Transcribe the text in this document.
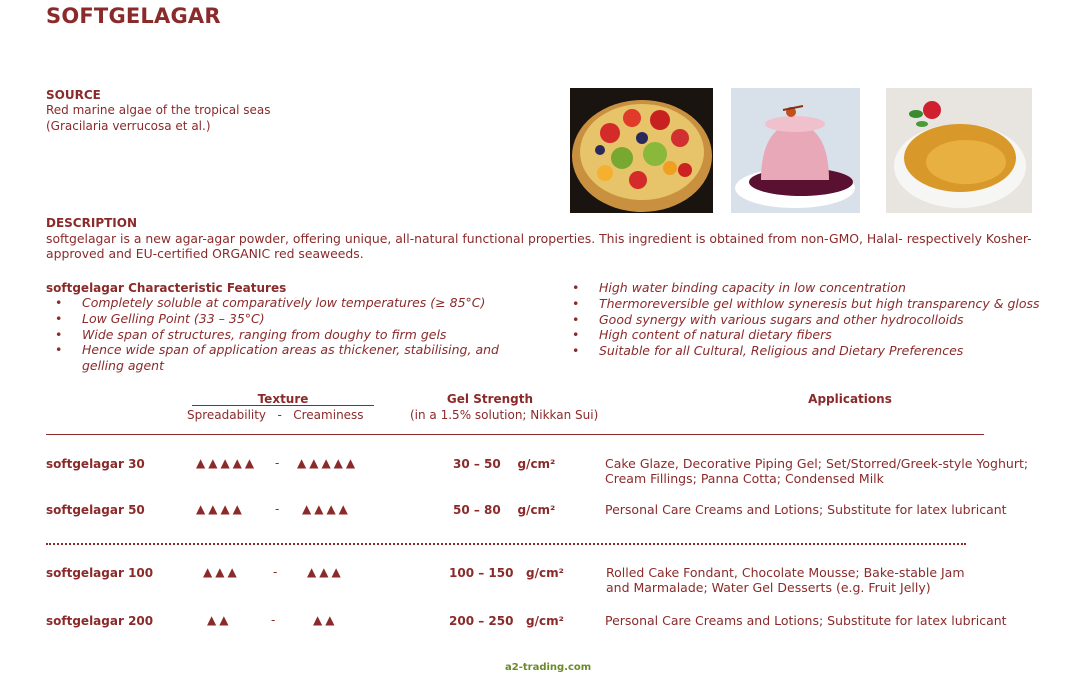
SOFTGELAGAR
SOURCE
Red marine algae of the tropical seas
(Gracilaria verrucosa et al.)
DESCRIPTION
softgelagar is a new agar-agar powder, offering unique, all-natural functional properties. This ingredient is obtained from non-GMO, Halal- respectively Kosher-
approved and EU-certified ORGANIC red seaweeds.
softgelagar Characteristic Features
• Completely soluble at comparatively low temperatures (≥ 85°C)
• Low Gelling Point (33 – 35°C)
• Wide span of structures, ranging from doughy to firm gels
• Hence wide span of application areas as thickener, stabilising, and gelling agent
• High water binding capacity in low concentration
• Thermoreversible gel withlow syneresis but high transparency & gloss
• Good synergy with various sugars and other hydrocolloids
• High content of natural dietary fibers
• Suitable for all Cultural, Religious and Dietary Preferences
Texture
Spreadability   -   Creaminess
Gel Strength
(in a 1.5% solution; Nikkan Sui)
Applications
softgelagar 30	▲▲▲▲▲ - ▲▲▲▲▲	30 – 50    g/cm²	Cake Glaze, Decorative Piping Gel; Set/Storred/Greek-style Yoghurt;
Cream Fillings; Panna Cotta; Condensed Milk
softgelagar 50	▲▲▲▲	- ▲▲▲▲	50 – 80    g/cm²	Personal Care Creams and Lotions; Substitute for latex lubricant
softgelagar 100	▲▲▲	- ▲▲▲	100 – 150   g/cm²	Rolled Cake Fondant, Chocolate Mousse; Bake-stable Jam
and Marmalade; Water Gel Desserts (e.g. Fruit Jelly)
softgelagar 200	▲▲	-	▲▲	200 – 250   g/cm²	Personal Care Creams and Lotions; Substitute for latex lubricant
a2-trading.com
